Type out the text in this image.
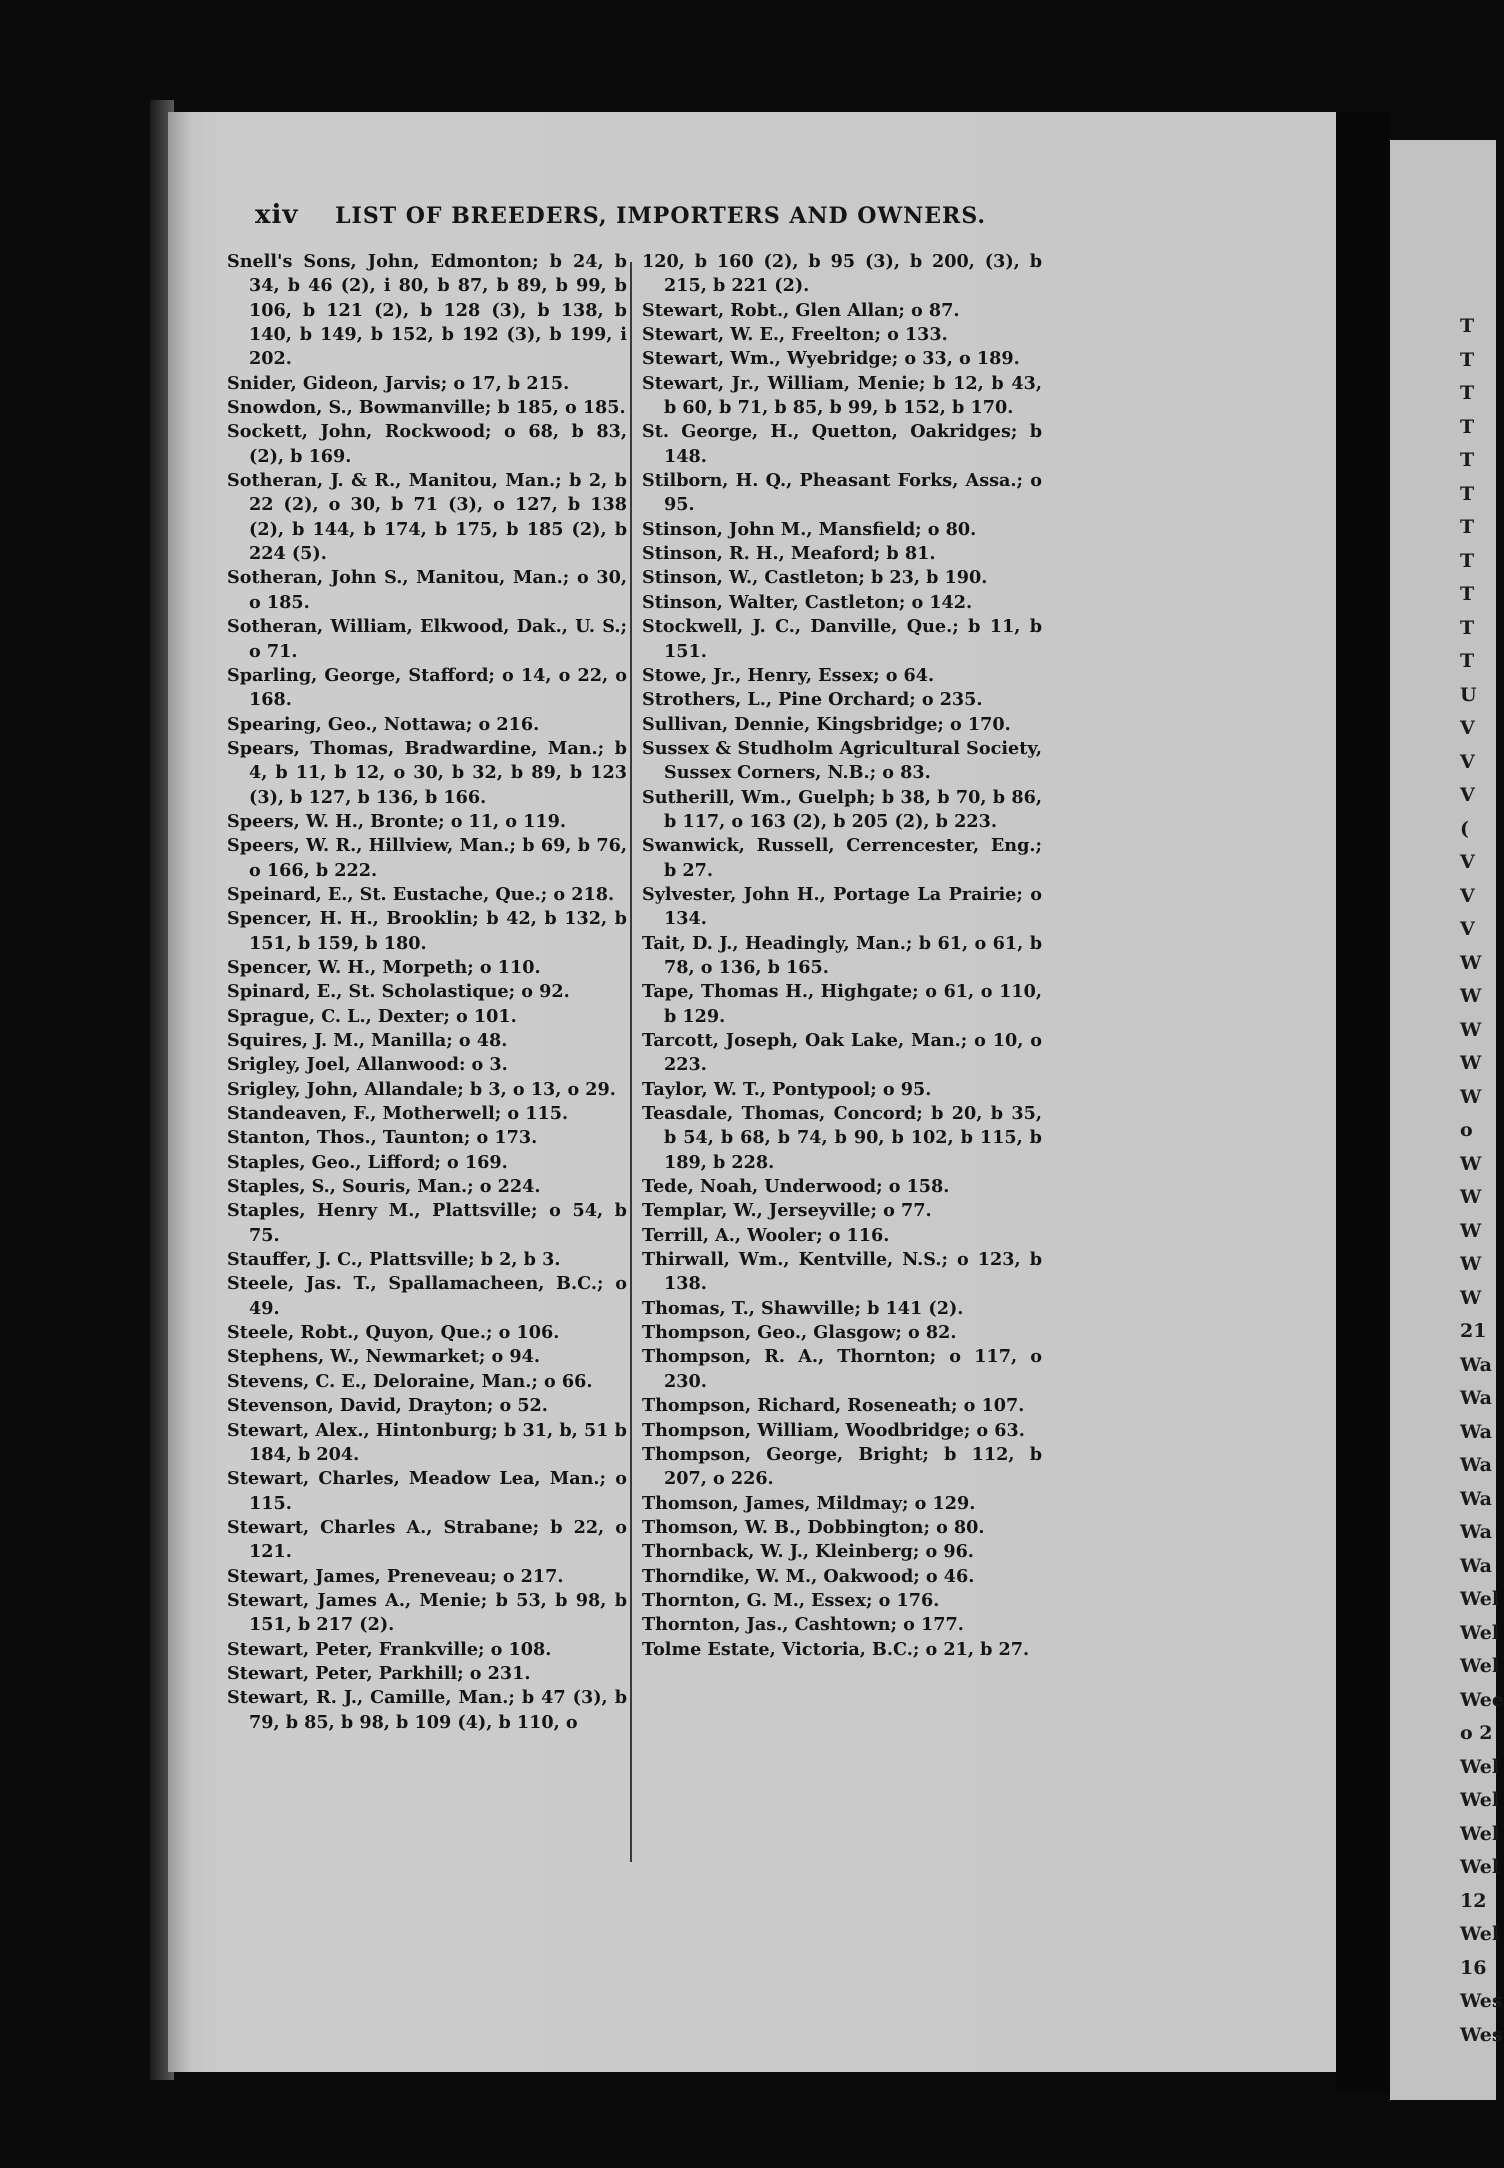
T
T
T
T
T
T
T
T
T
T
T
U
V
V
V
(
V
V
V
W
W
W
W
W
o
W
W
W
W
W
21
Wa
Wa
Wa
Wa
Wa
Wa
Wa
Wel
Wel
Wel
Wee
o 2
Wel
Wel
Wel
Wel
12
Wel
16
Wes
Wes
xiv LIST OF BREEDERS, IMPORTERS AND OWNERS.
Snell's Sons, John, Edmonton; b 24, b 34, b 46 (2), i 80, b 87, b 89, b 99, b 106, b 121 (2), b 128 (3), b 138, b 140, b 149, b 152, b 192 (3), b 199, i 202.
Snider, Gideon, Jarvis; o 17, b 215.
Snowdon, S., Bowmanville; b 185, o 185.
Sockett, John, Rockwood; o 68, b 83, (2), b 169.
Sotheran, J. & R., Manitou, Man.; b 2, b 22 (2), o 30, b 71 (3), o 127, b 138 (2), b 144, b 174, b 175, b 185 (2), b 224 (5).
Sotheran, John S., Manitou, Man.; o 30, o 185.
Sotheran, William, Elkwood, Dak., U. S.; o 71.
Sparling, George, Stafford; o 14, o 22, o 168.
Spearing, Geo., Nottawa; o 216.
Spears, Thomas, Bradwardine, Man.; b 4, b 11, b 12, o 30, b 32, b 89, b 123 (3), b 127, b 136, b 166.
Speers, W. H., Bronte; o 11, o 119.
Speers, W. R., Hillview, Man.; b 69, b 76, o 166, b 222.
Speinard, E., St. Eustache, Que.; o 218.
Spencer, H. H., Brooklin; b 42, b 132, b 151, b 159, b 180.
Spencer, W. H., Morpeth; o 110.
Spinard, E., St. Scholastique; o 92.
Sprague, C. L., Dexter; o 101.
Squires, J. M., Manilla; o 48.
Srigley, Joel, Allanwood: o 3.
Srigley, John, Allandale; b 3, o 13, o 29.
Standeaven, F., Motherwell; o 115.
Stanton, Thos., Taunton; o 173.
Staples, Geo., Lifford; o 169.
Staples, S., Souris, Man.; o 224.
Staples, Henry M., Plattsville; o 54, b 75.
Stauffer, J. C., Plattsville; b 2, b 3.
Steele, Jas. T., Spallamacheen, B.C.; o 49.
Steele, Robt., Quyon, Que.; o 106.
Stephens, W., Newmarket; o 94.
Stevens, C. E., Deloraine, Man.; o 66.
Stevenson, David, Drayton; o 52.
Stewart, Alex., Hintonburg; b 31, b, 51 b 184, b 204.
Stewart, Charles, Meadow Lea, Man.; o 115.
Stewart, Charles A., Strabane; b 22, o 121.
Stewart, James, Preneveau; o 217.
Stewart, James A., Menie; b 53, b 98, b 151, b 217 (2).
Stewart, Peter, Frankville; o 108.
Stewart, Peter, Parkhill; o 231.
Stewart, R. J., Camille, Man.; b 47 (3), b 79, b 85, b 98, b 109 (4), b 110, o
120, b 160 (2), b 95 (3), b 200, (3), b 215, b 221 (2).
Stewart, Robt., Glen Allan; o 87.
Stewart, W. E., Freelton; o 133.
Stewart, Wm., Wyebridge; o 33, o 189.
Stewart, Jr., William, Menie; b 12, b 43, b 60, b 71, b 85, b 99, b 152, b 170.
St. George, H., Quetton, Oakridges; b 148.
Stilborn, H. Q., Pheasant Forks, Assa.; o 95.
Stinson, John M., Mansfield; o 80.
Stinson, R. H., Meaford; b 81.
Stinson, W., Castleton; b 23, b 190.
Stinson, Walter, Castleton; o 142.
Stockwell, J. C., Danville, Que.; b 11, b 151.
Stowe, Jr., Henry, Essex; o 64.
Strothers, L., Pine Orchard; o 235.
Sullivan, Dennie, Kingsbridge; o 170.
Sussex & Studholm Agricultural Society, Sussex Corners, N.B.; o 83.
Sutherill, Wm., Guelph; b 38, b 70, b 86, b 117, o 163 (2), b 205 (2), b 223.
Swanwick, Russell, Cerrencester, Eng.; b 27.
Sylvester, John H., Portage La Prairie; o 134.
Tait, D. J., Headingly, Man.; b 61, o 61, b 78, o 136, b 165.
Tape, Thomas H., Highgate; o 61, o 110, b 129.
Tarcott, Joseph, Oak Lake, Man.; o 10, o 223.
Taylor, W. T., Pontypool; o 95.
Teasdale, Thomas, Concord; b 20, b 35, b 54, b 68, b 74, b 90, b 102, b 115, b 189, b 228.
Tede, Noah, Underwood; o 158.
Templar, W., Jerseyville; o 77.
Terrill, A., Wooler; o 116.
Thirwall, Wm., Kentville, N.S.; o 123, b 138.
Thomas, T., Shawville; b 141 (2).
Thompson, Geo., Glasgow; o 82.
Thompson, R. A., Thornton; o 117, o 230.
Thompson, Richard, Roseneath; o 107.
Thompson, William, Woodbridge; o 63.
Thompson, George, Bright; b 112, b 207, o 226.
Thomson, James, Mildmay; o 129.
Thomson, W. B., Dobbington; o 80.
Thornback, W. J., Kleinberg; o 96.
Thorndike, W. M., Oakwood; o 46.
Thornton, G. M., Essex; o 176.
Thornton, Jas., Cashtown; o 177.
Tolme Estate, Victoria, B.C.; o 21, b 27.
